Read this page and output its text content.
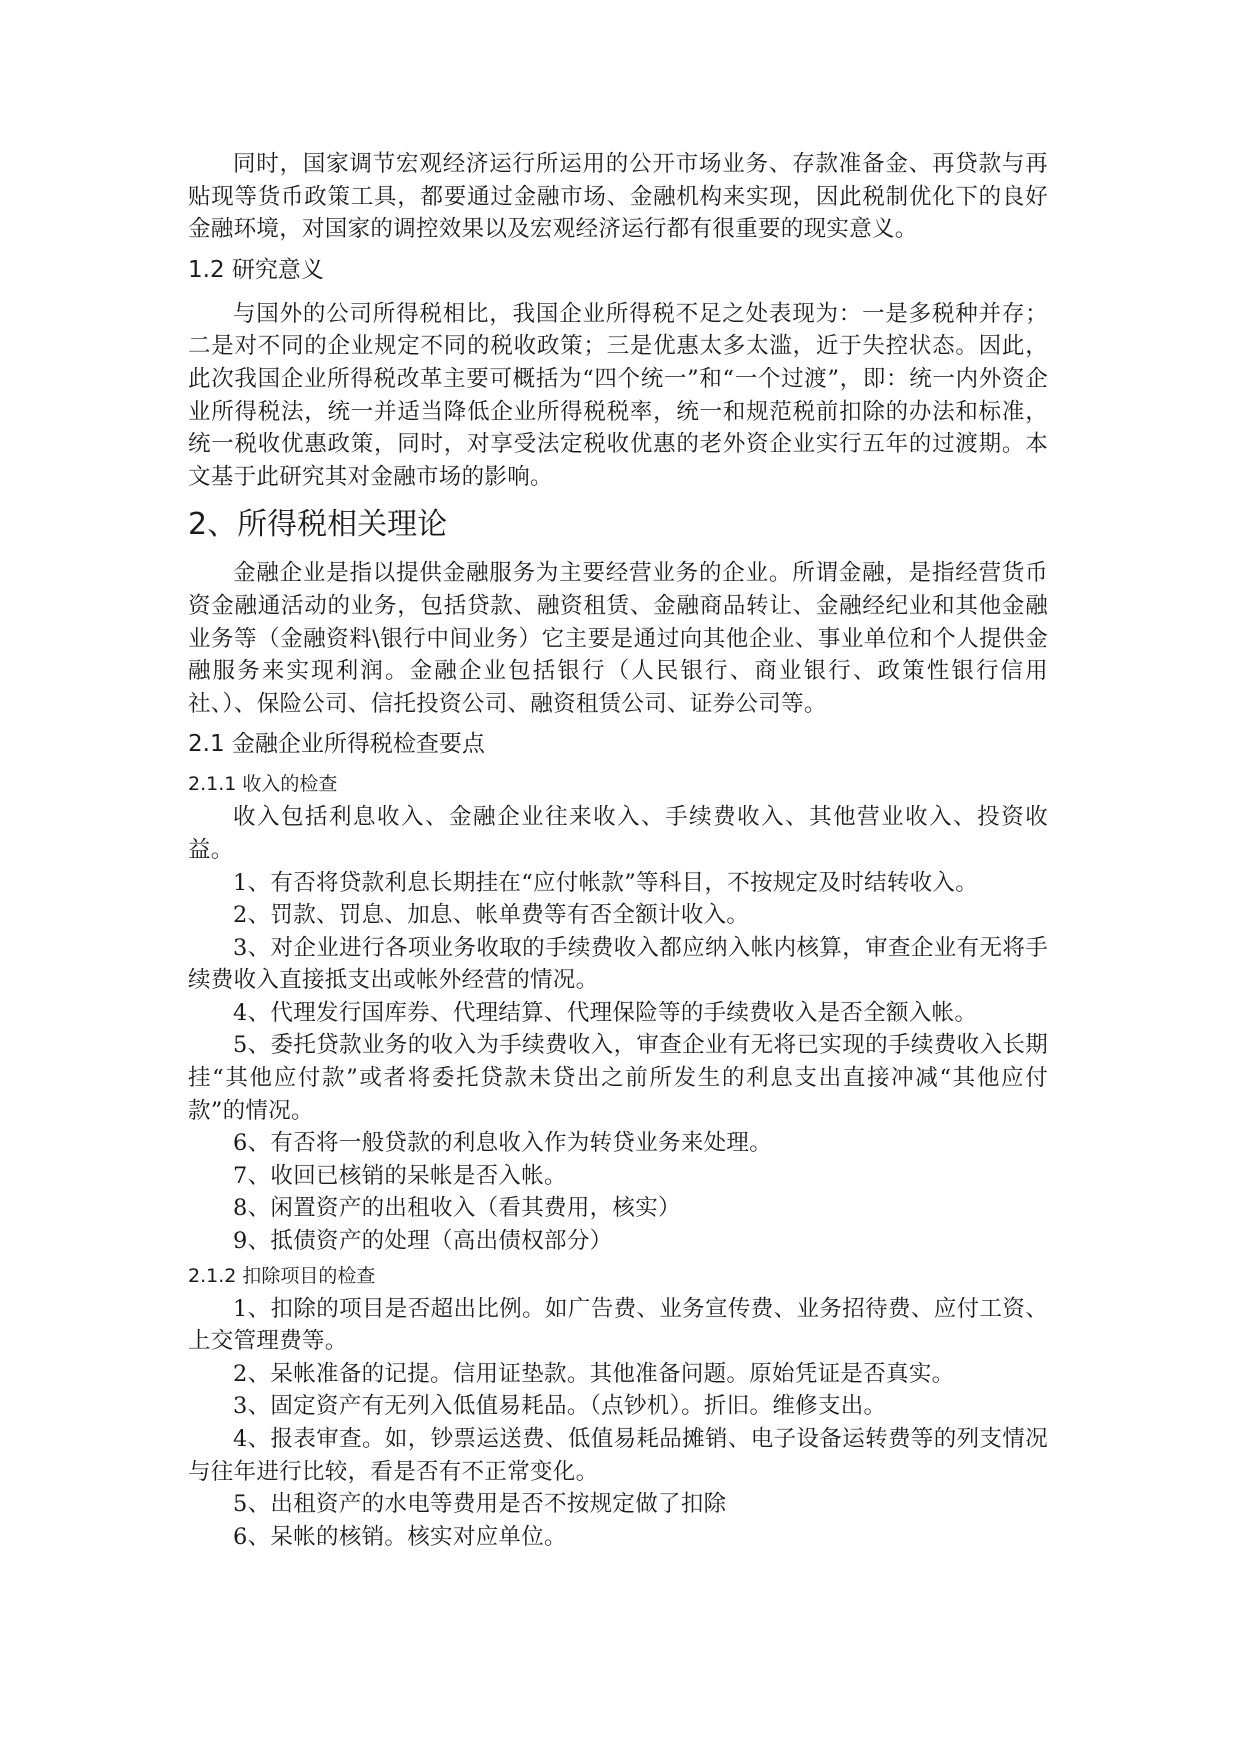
同时，国家调节宏观经济运行所运用的公开市场业务、存款准备金、再贷款与再贴现等货币政策工具，都要通过金融市场、金融机构来实现，因此税制优化下的良好金融环境，对国家的调控效果以及宏观经济运行都有很重要的现实意义。

1.2 研究意义

与国外的公司所得税相比，我国企业所得税不足之处表现为：一是多税种并存；二是对不同的企业规定不同的税收政策；三是优惠太多太滥，近于失控状态。因此，此次我国企业所得税改革主要可概括为“四个统一”和“一个过渡”，即：统一内外资企业所得税法，统一并适当降低企业所得税税率，统一和规范税前扣除的办法和标准，统一税收优惠政策，同时，对享受法定税收优惠的老外资企业实行五年的过渡期。本文基于此研究其对金融市场的影响。

2、所得税相关理论

金融企业是指以提供金融服务为主要经营业务的企业。所谓金融，是指经营货币资金融通活动的业务，包括贷款、融资租赁、金融商品转让、金融经纪业和其他金融业务等（金融资料\银行中间业务）它主要是通过向其他企业、事业单位和个人提供金融服务来实现利润。金融企业包括银行（人民银行、商业银行、政策性银行信用社、）、保险公司、信托投资公司、融资租赁公司、证券公司等。

2.1 金融企业所得税检查要点
2.1.1 收入的检查

收入包括利息收入、金融企业往来收入、手续费收入、其他营业收入、投资收益。

1、有否将贷款利息长期挂在“应付帐款”等科目，不按规定及时结转收入。
2、罚款、罚息、加息、帐单费等有否全额计收入。
3、对企业进行各项业务收取的手续费收入都应纳入帐内核算，审查企业有无将手续费收入直接抵支出或帐外经营的情况。
4、代理发行国库券、代理结算、代理保险等的手续费收入是否全额入帐。
5、委托贷款业务的收入为手续费收入，审查企业有无将已实现的手续费收入长期挂“其他应付款”或者将委托贷款未贷出之前所发生的利息支出直接冲减“其他应付款”的情况。
6、有否将一般贷款的利息收入作为转贷业务来处理。
7、收回已核销的呆帐是否入帐。
8、闲置资产的出租收入（看其费用，核实）
9、抵债资产的处理（高出债权部分）
2.1.2 扣除项目的检查
1、扣除的项目是否超出比例。如广告费、业务宣传费、业务招待费、应付工资、上交管理费等。
2、呆帐准备的记提。信用证垫款。其他准备问题。原始凭证是否真实。
3、固定资产有无列入低值易耗品。（点钞机）。折旧。维修支出。
4、报表审查。如，钞票运送费、低值易耗品摊销、电子设备运转费等的列支情况与往年进行比较，看是否有不正常变化。
5、出租资产的水电等费用是否不按规定做了扣除
6、呆帐的核销。核实对应单位。
